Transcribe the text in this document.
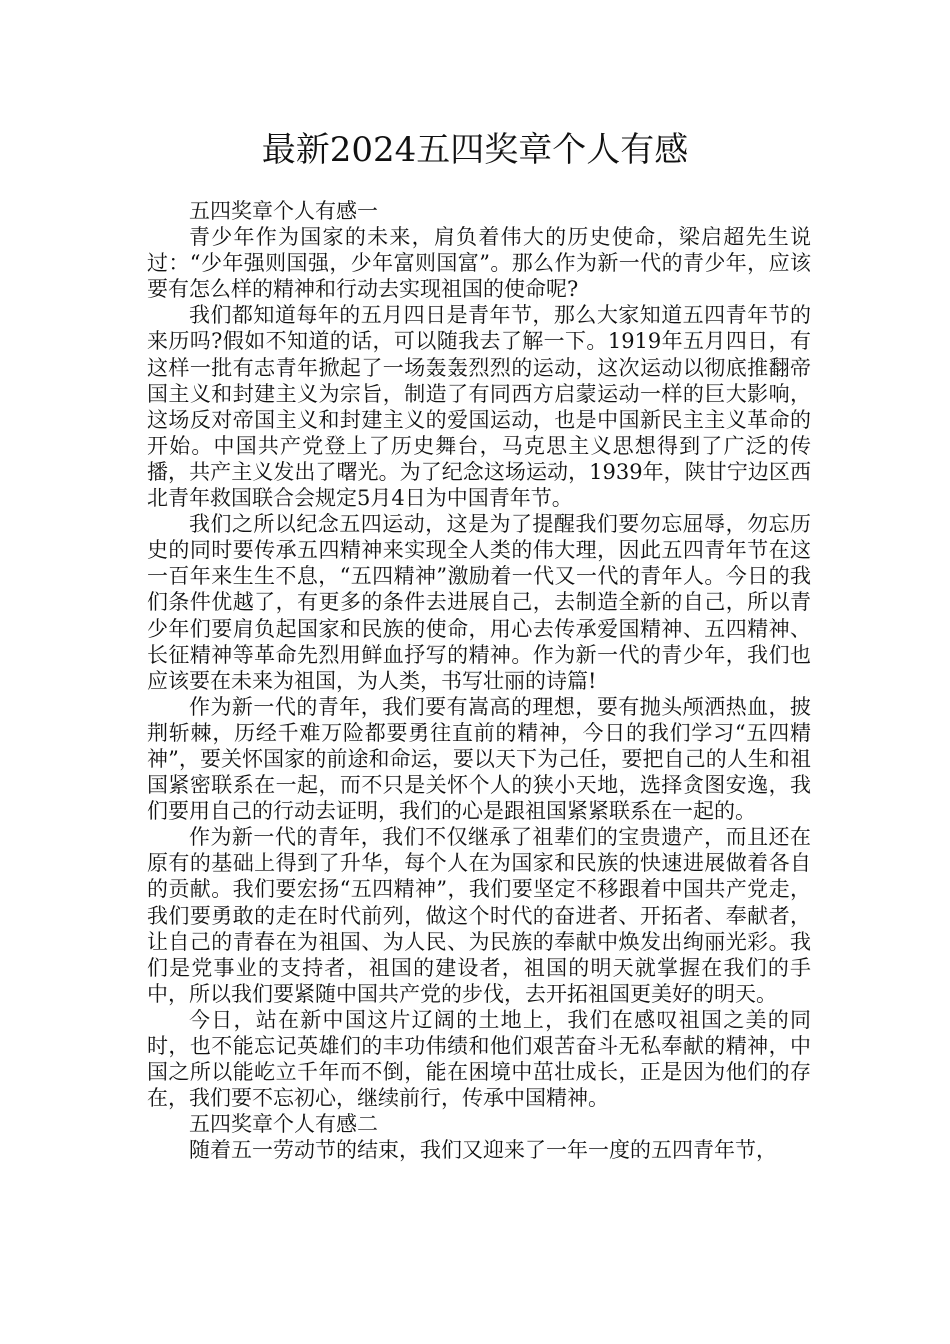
最新2024五四奖章个人有感

五四奖章个人有感一

青少年作为国家的未来，肩负着伟大的历史使命，梁启超先生说过：“少年强则国强，少年富则国富”。那么作为新一代的青少年，应该要有怎么样的精神和行动去实现祖国的使命呢?

我们都知道每年的五月四日是青年节，那么大家知道五四青年节的来历吗?假如不知道的话，可以随我去了解一下。1919年五月四日，有这样一批有志青年掀起了一场轰轰烈烈的运动，这次运动以彻底推翻帝国主义和封建主义为宗旨，制造了有同西方启蒙运动一样的巨大影响，这场反对帝国主义和封建主义的爱国运动，也是中国新民主主义革命的开始。中国共产党登上了历史舞台，马克思主义思想得到了广泛的传播，共产主义发出了曙光。为了纪念这场运动，1939年，陕甘宁边区西北青年救国联合会规定5月4日为中国青年节。

我们之所以纪念五四运动，这是为了提醒我们要勿忘屈辱，勿忘历史的同时要传承五四精神来实现全人类的伟大理，因此五四青年节在这一百年来生生不息，“五四精神”激励着一代又一代的青年人。今日的我们条件优越了，有更多的条件去进展自己，去制造全新的自己，所以青少年们要肩负起国家和民族的使命，用心去传承爱国精神、五四精神、长征精神等革命先烈用鲜血抒写的精神。作为新一代的青少年，我们也应该要在未来为祖国，为人类，书写壮丽的诗篇!

作为新一代的青年，我们要有嵩高的理想，要有抛头颅洒热血，披荆斩棘，历经千难万险都要勇往直前的精神，今日的我们学习“五四精神”，要关怀国家的前途和命运，要以天下为己任，要把自己的人生和祖国紧密联系在一起，而不只是关怀个人的狭小天地，选择贪图安逸，我们要用自己的行动去证明，我们的心是跟祖国紧紧联系在一起的。

作为新一代的青年，我们不仅继承了祖辈们的宝贵遗产，而且还在原有的基础上得到了升华，每个人在为国家和民族的快速进展做着各自的贡献。我们要宏扬“五四精神”，我们要坚定不移跟着中国共产党走，我们要勇敢的走在时代前列，做这个时代的奋进者、开拓者、奉献者，让自己的青春在为祖国、为人民、为民族的奉献中焕发出绚丽光彩。我们是党事业的支持者，祖国的建设者，祖国的明天就掌握在我们的手中，所以我们要紧随中国共产党的步伐，去开拓祖国更美好的明天。

今日，站在新中国这片辽阔的土地上，我们在感叹祖国之美的同时，也不能忘记英雄们的丰功伟绩和他们艰苦奋斗无私奉献的精神，中国之所以能屹立千年而不倒，能在困境中茁壮成长，正是因为他们的存在，我们要不忘初心，继续前行，传承中国精神。

五四奖章个人有感二

随着五一劳动节的结束，我们又迎来了一年一度的五四青年节，
